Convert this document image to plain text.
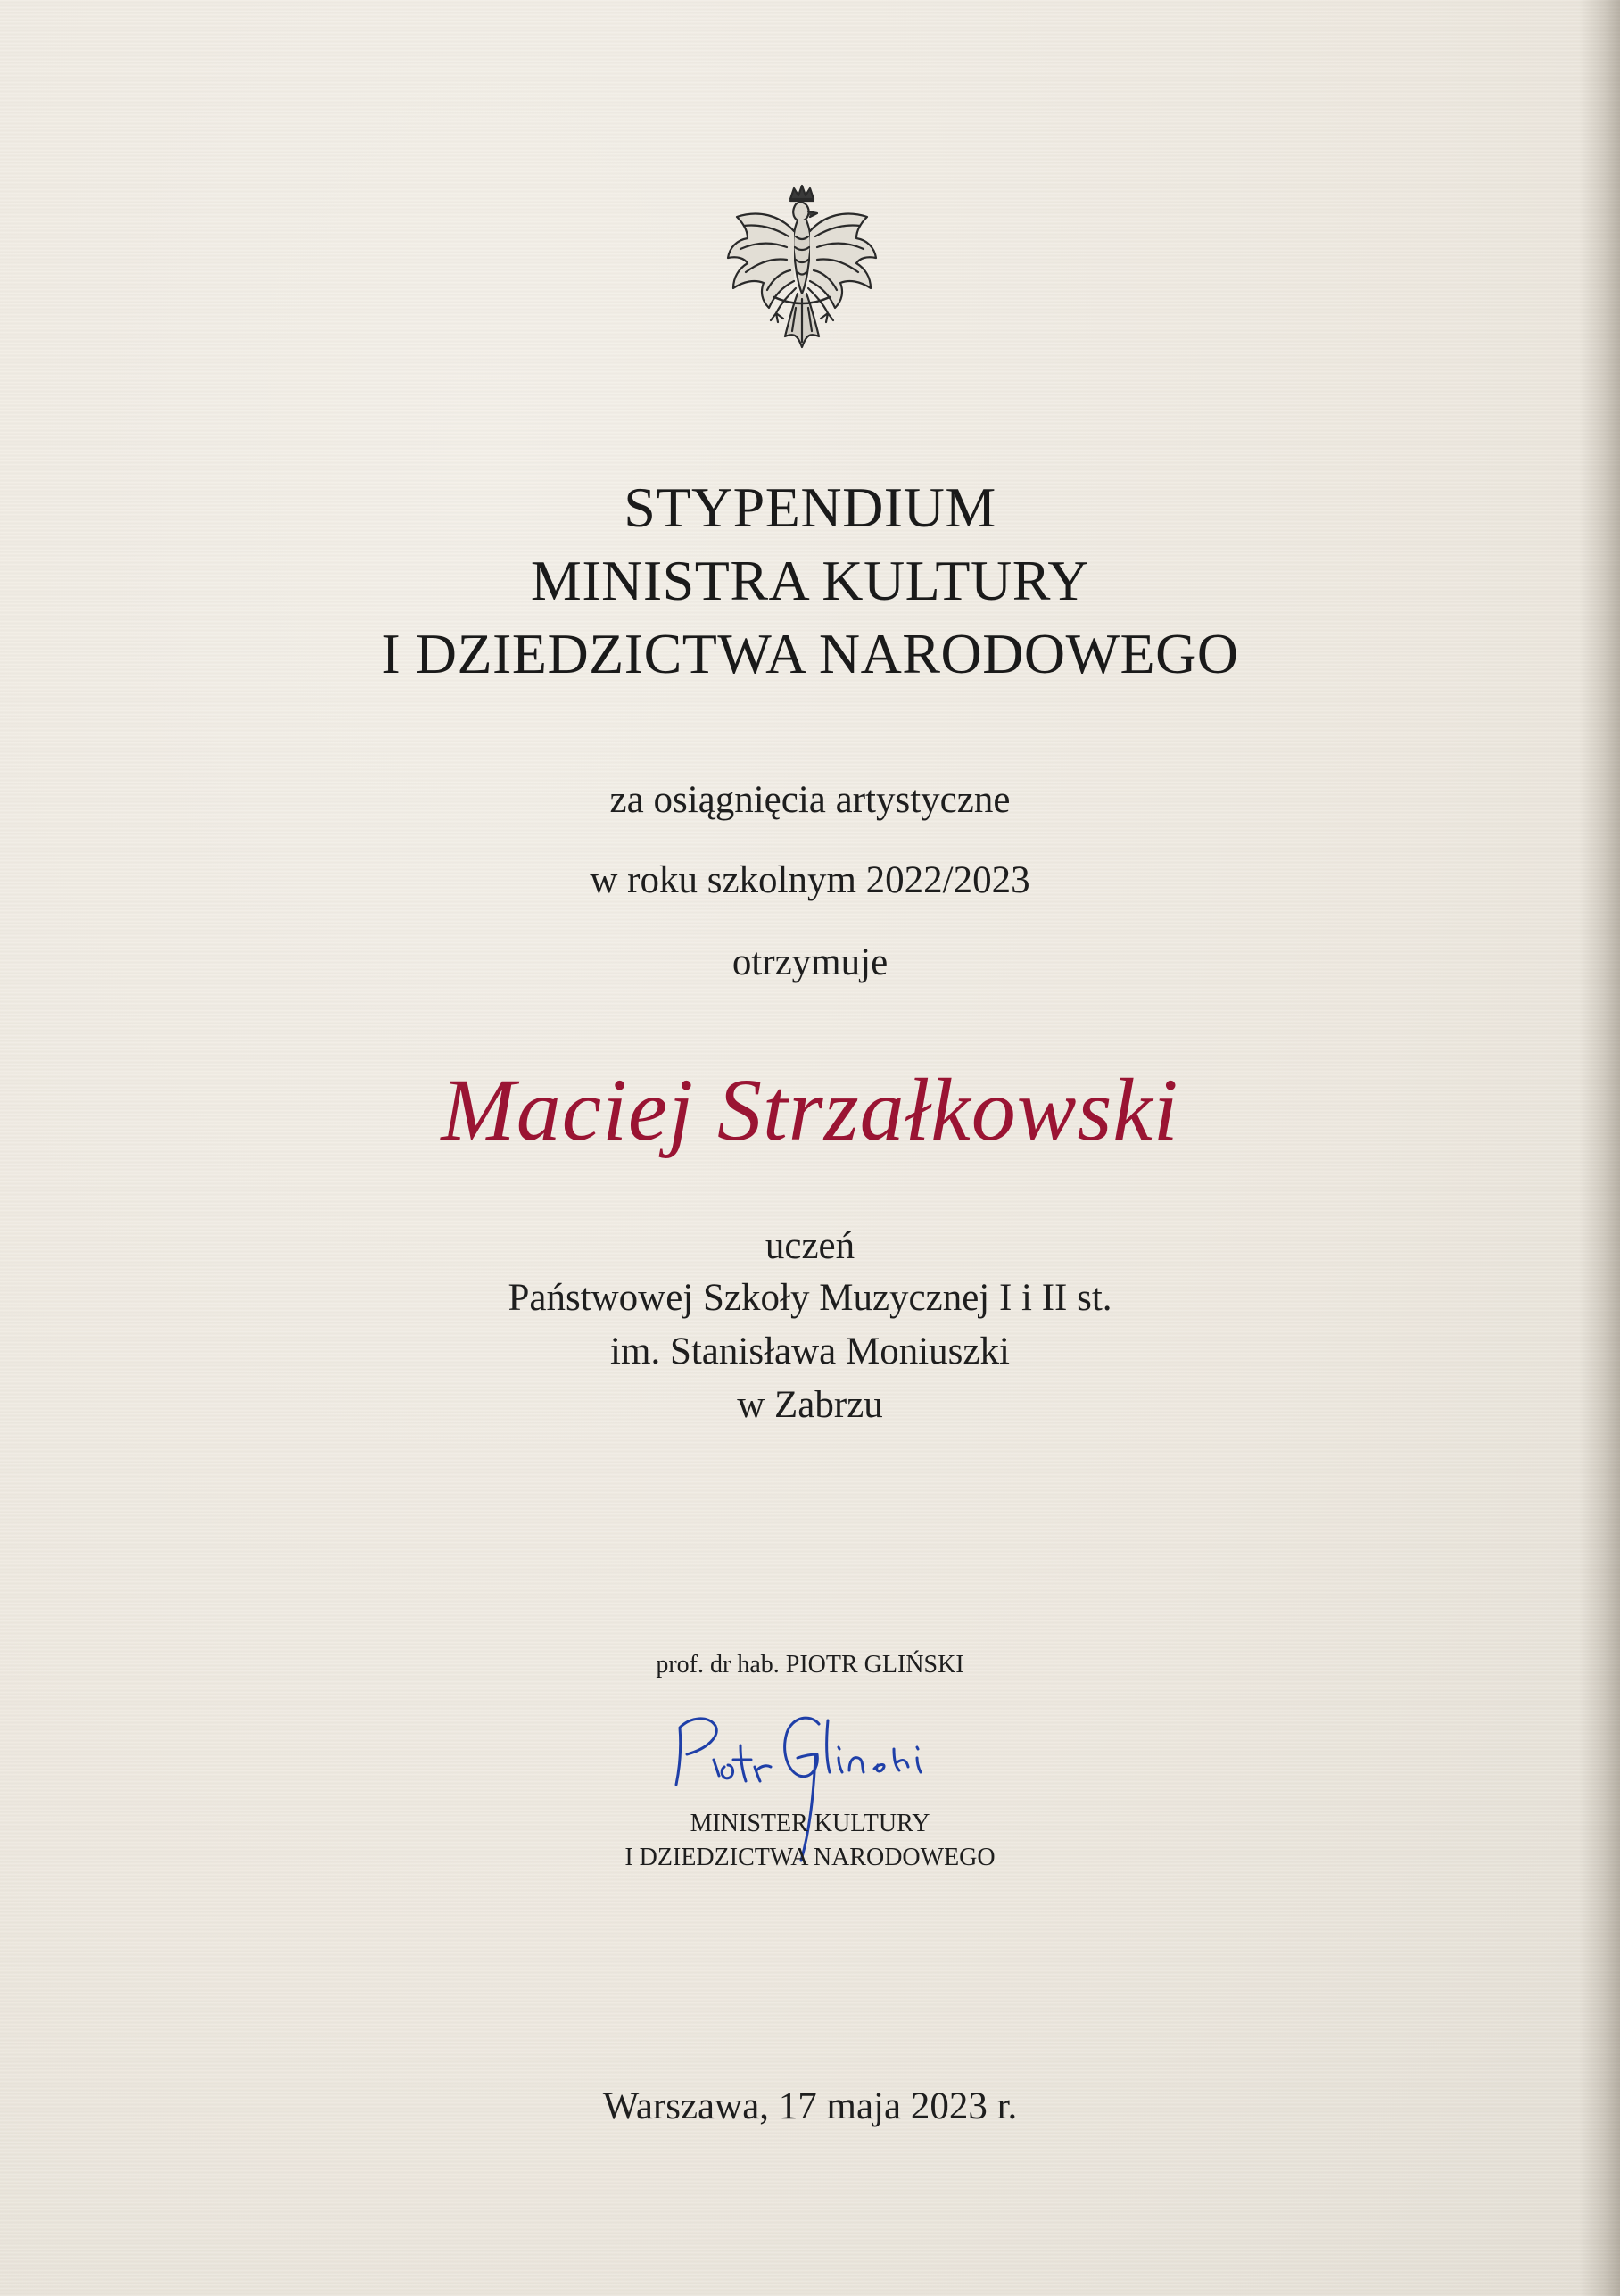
STYPENDIUM

MINISTRA KULTURY

I DZIEDZICTWA NARODOWEGO

za osiągnięcia artystyczne

w roku szkolnym 2022/2023

otrzymuje

Maciej Strzałkowski

uczeń

Państwowej Szkoły Muzycznej I i II st.

im. Stanisława Moniuszki

w Zabrzu

prof. dr hab. PIOTR GLIŃSKI

MINISTER KULTURY

I DZIEDZICTWA NARODOWEGO

Warszawa, 17 maja 2023 r.
